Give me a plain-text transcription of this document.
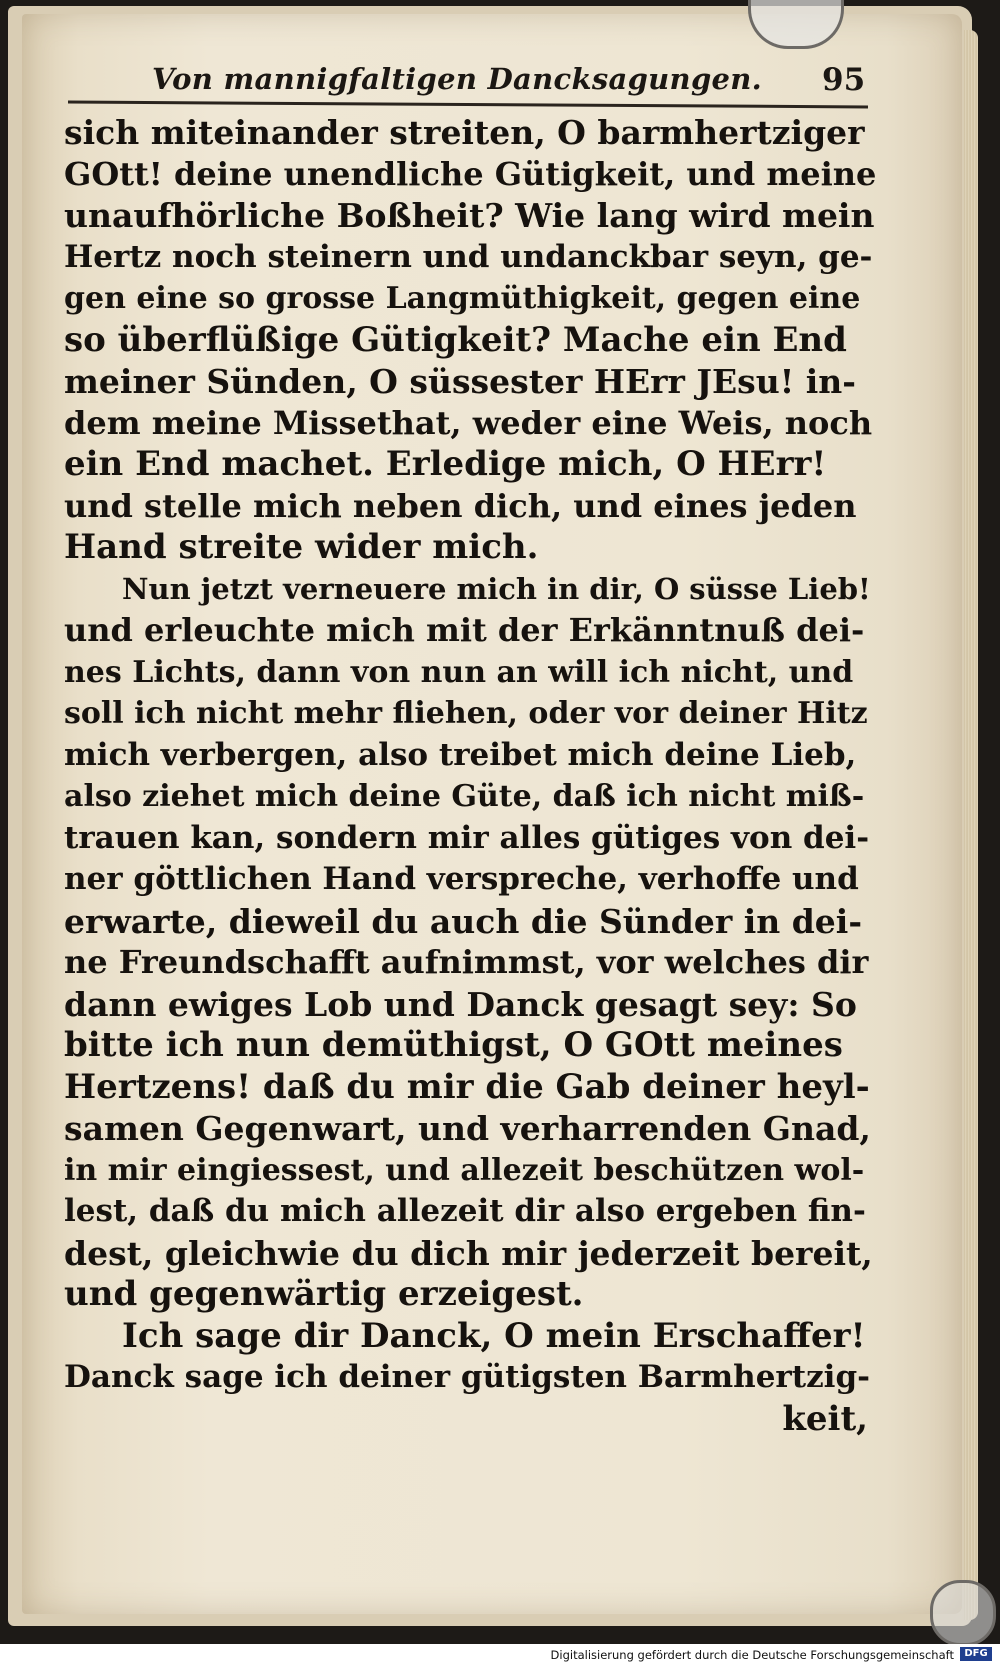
Von mannigfaltigen Dancksagungen. 95
sich miteinander streiten, O barmhertziger
GOtt! deine unendliche Gütigkeit, und meine
unaufhörliche Boßheit? Wie lang wird mein
Hertz noch steinern und undanckbar seyn, ge-
gen eine so grosse Langmüthigkeit, gegen eine
so überflüßige Gütigkeit? Mache ein End
meiner Sünden, O süssester HErr JEsu! in-
dem meine Missethat, weder eine Weis, noch
ein End machet. Erledige mich, O HErr!
und stelle mich neben dich, und eines jeden
Hand streite wider mich.
Nun jetzt verneuere mich in dir, O süsse Lieb!
und erleuchte mich mit der Erkänntnuß dei-
nes Lichts, dann von nun an will ich nicht, und
soll ich nicht mehr fliehen, oder vor deiner Hitz
mich verbergen, also treibet mich deine Lieb,
also ziehet mich deine Güte, daß ich nicht miß-
trauen kan, sondern mir alles gütiges von dei-
ner göttlichen Hand verspreche, verhoffe und
erwarte, dieweil du auch die Sünder in dei-
ne Freundschafft aufnimmst, vor welches dir
dann ewiges Lob und Danck gesagt sey: So
bitte ich nun demüthigst, O GOtt meines
Hertzens! daß du mir die Gab deiner heyl-
samen Gegenwart, und verharrenden Gnad,
in mir eingiessest, und allezeit beschützen wol-
lest, daß du mich allezeit dir also ergeben fin-
dest, gleichwie du dich mir jederzeit bereit,
und gegenwärtig erzeigest.
Ich sage dir Danck, O mein Erschaffer!
Danck sage ich deiner gütigsten Barmhertzig-
keit,
Digitalisierung gefördert durch die Deutsche Forschungsgemeinschaft	DFG
